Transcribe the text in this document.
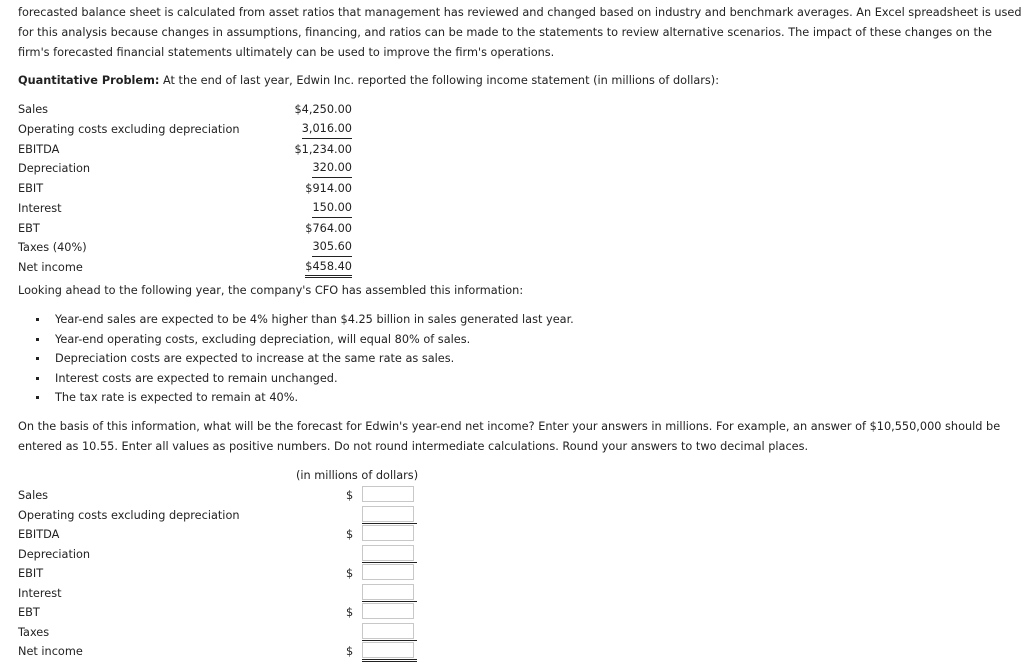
forecasted balance sheet is calculated from asset ratios that management has reviewed and changed based on industry and benchmark averages. An Excel spreadsheet is used for this analysis because changes in assumptions, financing, and ratios can be made to the statements to review alternative scenarios. The impact of these changes on the firm's forecasted financial statements ultimately can be used to improve the firm's operations.

Quantitative Problem: At the end of last year, Edwin Inc. reported the following income statement (in millions of dollars):

Sales	$4,250.00
Operating costs excluding depreciation	3,016.00
EBITDA	$1,234.00
Depreciation	320.00
EBIT	$914.00
Interest	150.00
EBT	$764.00
Taxes (40%)	305.60
Net income	$458.40

Looking ahead to the following year, the company's CFO has assembled this information:

Year-end sales are expected to be 4% higher than $4.25 billion in sales generated last year.
Year-end operating costs, excluding depreciation, will equal 80% of sales.
Depreciation costs are expected to increase at the same rate as sales.
Interest costs are expected to remain unchanged.
The tax rate is expected to remain at 40%.

On the basis of this information, what will be the forecast for Edwin's year-end net income? Enter your answers in millions. For example, an answer of $10,550,000 should be entered as 10.55. Enter all values as positive numbers. Do not round intermediate calculations. Round your answers to two decimal places.

(in millions of dollars)
Sales	$
Operating costs excluding depreciation
EBITDA	$
Depreciation
EBIT	$
Interest
EBT	$
Taxes
Net income	$
